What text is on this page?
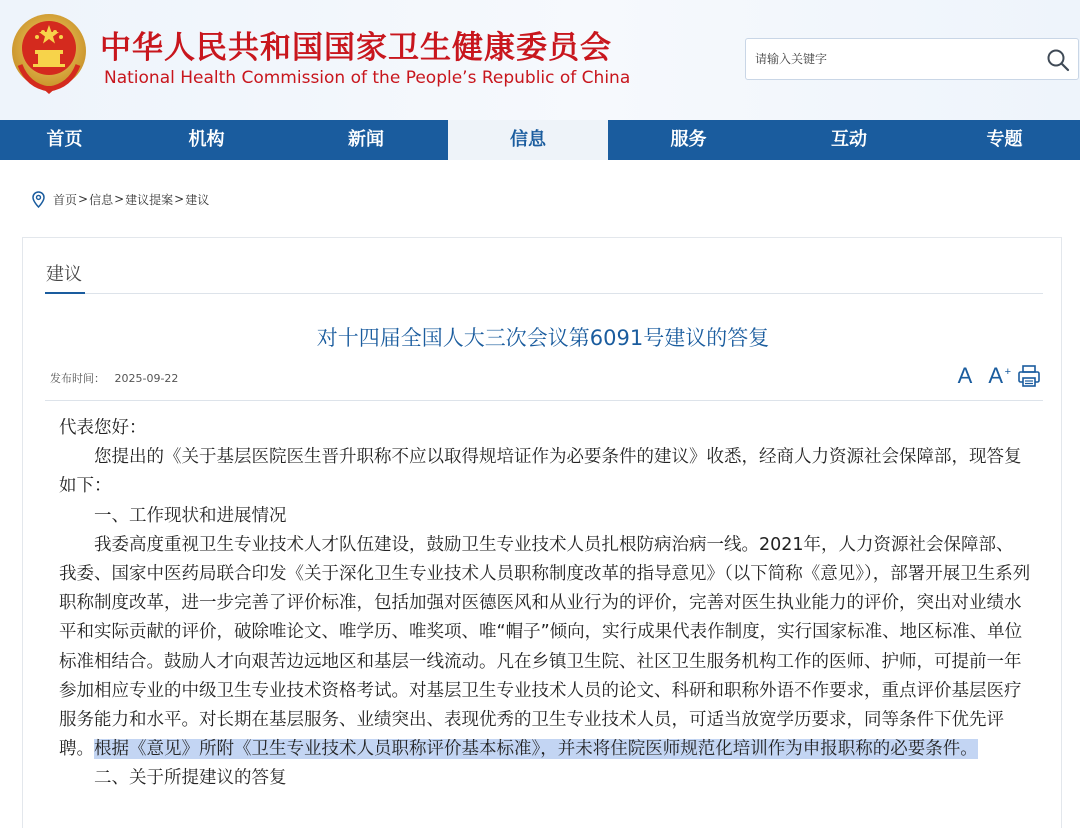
中华人民共和国国家卫生健康委员会
National Health Commission of the People’s Republic of China
请输入关键字
首页	机构	新闻	信息	服务	互动	专题
首页 > 信息 > 建议提案 > 建议
建议
对十四届全国人大三次会议第6091号建议的答复
发布时间： 2025-09-22	A A +

代表您好：

您提出的《关于基层医院医生晋升职称不应以取得规培证作为必要条件的建议》收悉，经商人力资源社会保障部，现答复如下：

一、工作现状和进展情况

我委高度重视卫生专业技术人才队伍建设，鼓励卫生专业技术人员扎根防病治病一线。2021年，人力资源社会保障部、我委、国家中医药局联合印发《关于深化卫生专业技术人员职称制度改革的指导意见》（以下简称《意见》），部署开展卫生系列职称制度改革，进一步完善了评价标准，包括加强对医德医风和从业行为的评价，完善对医生执业能力的评价，突出对业绩水平和实际贡献的评价，破除唯论文、唯学历、唯奖项、唯“帽子”倾向，实行成果代表作制度，实行国家标准、地区标准、单位标准相结合。鼓励人才向艰苦边远地区和基层一线流动。凡在乡镇卫生院、社区卫生服务机构工作的医师、护师，可提前一年参加相应专业的中级卫生专业技术资格考试。对基层卫生专业技术人员的论文、科研和职称外语不作要求，重点评价基层医疗服务能力和水平。对长期在基层服务、业绩突出、表现优秀的卫生专业技术人员，可适当放宽学历要求，同等条件下优先评聘。根据《意见》所附《卫生专业技术人员职称评价基本标准》，并未将住院医师规范化培训作为申报职称的必要条件。

二、关于所提建议的答复
